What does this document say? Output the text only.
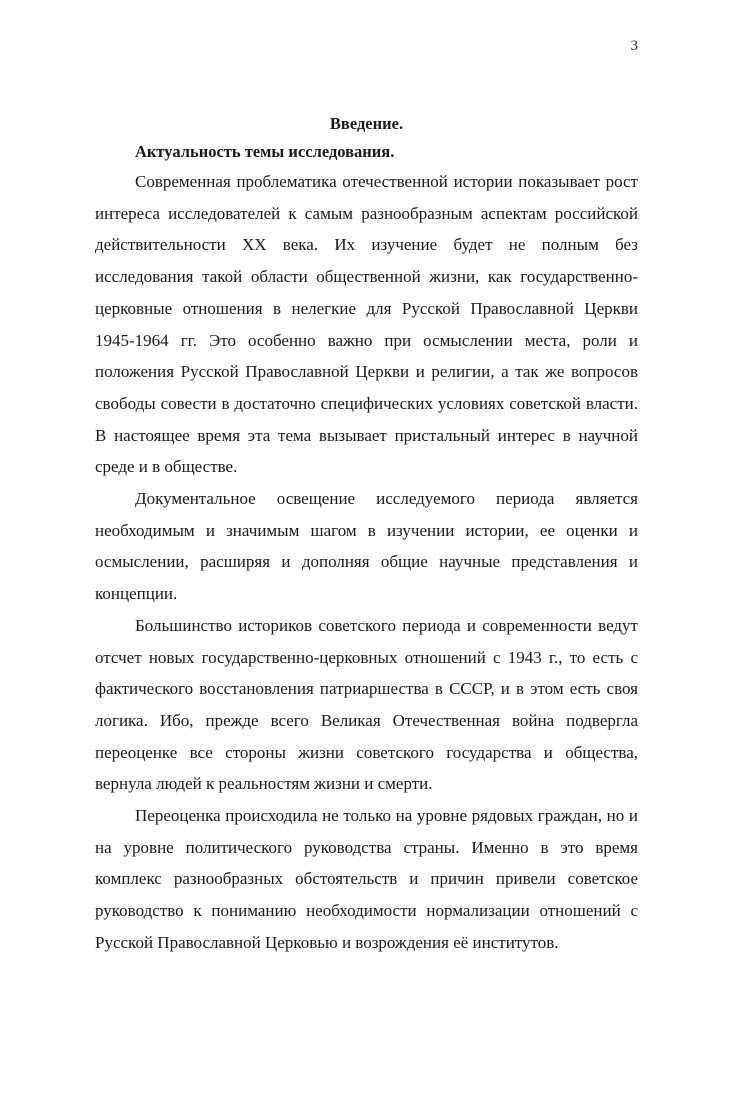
3

Введение.

Актуальность темы исследования.

Современная проблематика отечественной истории показывает рост интереса исследователей к самым разнообразным аспектам российской действительности XX века. Их изучение будет не полным без исследования такой области общественной жизни, как государственно-церковные отношения в нелегкие для Русской Православной Церкви 1945-1964 гг. Это особенно важно при осмыслении места, роли и положения Русской Православной Церкви и религии, а так же вопросов свободы совести в достаточно специфических условиях советской власти. В настоящее время эта тема вызывает пристальный интерес в научной среде и в обществе.

Документальное освещение исследуемого периода является необходимым и значимым шагом в изучении истории, ее оценки и осмыслении, расширяя и дополняя общие научные представления и концепции.

Большинство историков советского периода и современности ведут отсчет новых государственно-церковных отношений с 1943 г., то есть с фактического восстановления патриаршества в СССР, и в этом есть своя логика. Ибо, прежде всего Великая Отечественная война подвергла переоценке все стороны жизни советского государства и общества, вернула людей к реальностям жизни и смерти.

Переоценка происходила не только на уровне рядовых граждан, но и на уровне политического руководства страны. Именно в это время комплекс разнообразных обстоятельств и причин привели советское руководство к пониманию необходимости нормализации отношений с Русской Православной Церковью и возрождения её институтов.
